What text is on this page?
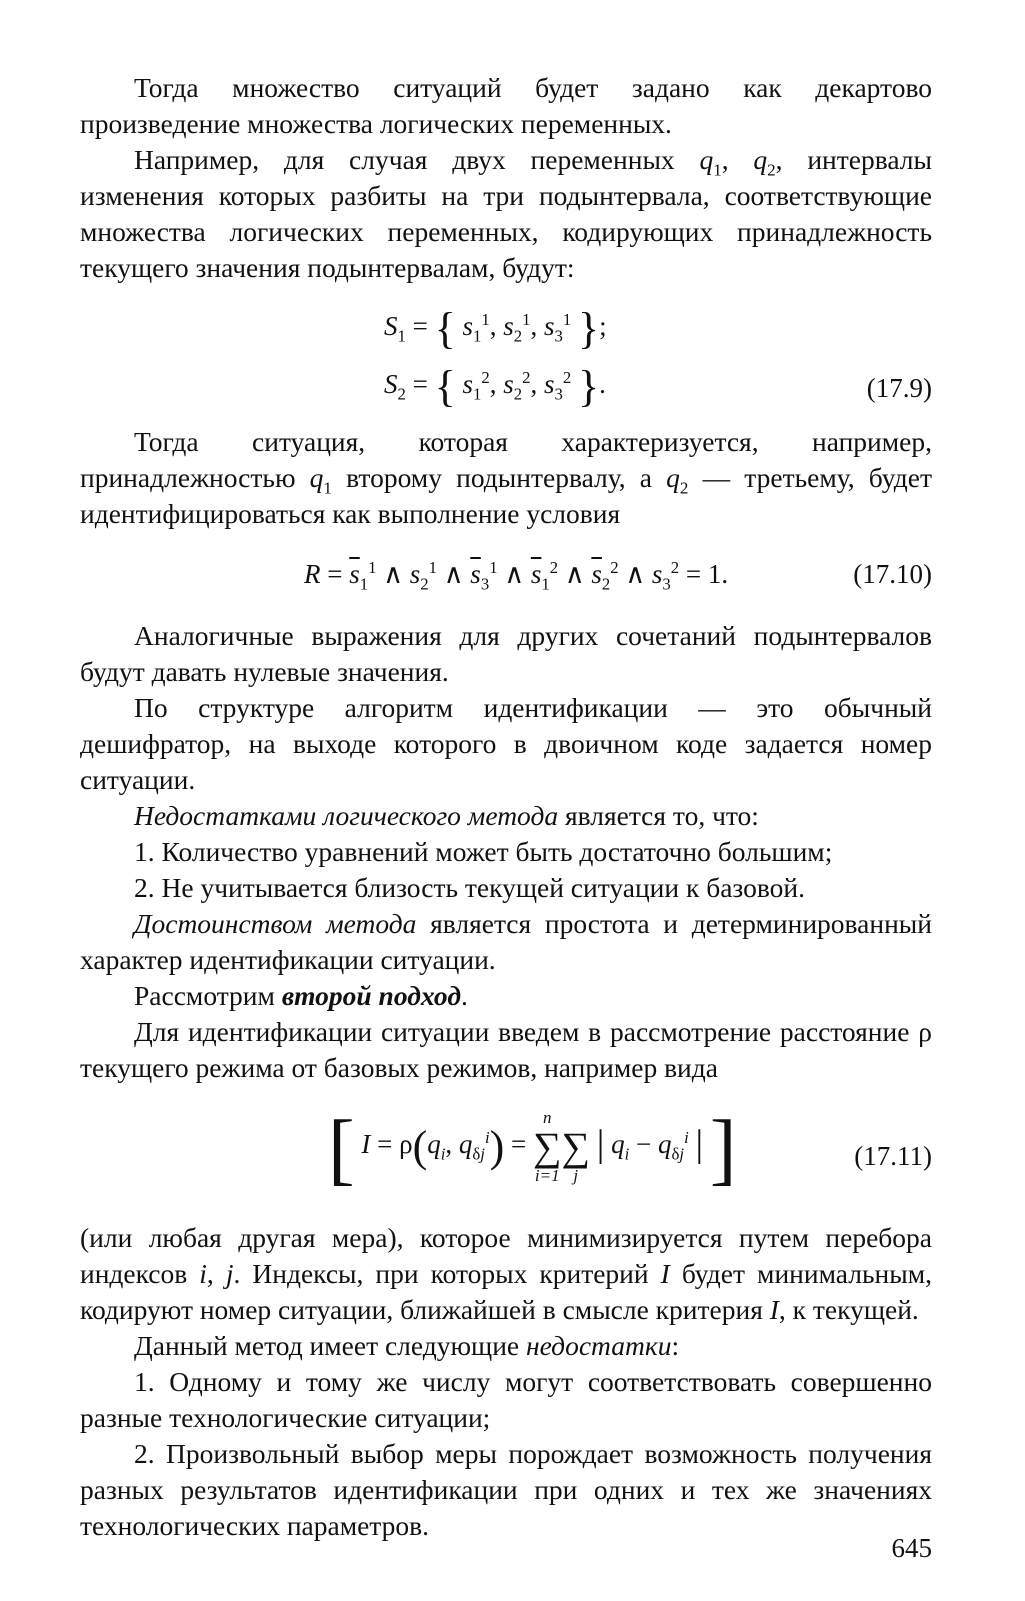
Тогда множество ситуаций будет задано как декартово произведение множества логических переменных.

Например, для случая двух переменных $q_1$, $q_2$, интервалы изменения которых разбиты на три подынтервала, соответствующие множества логических переменных, кодирующих принадлежность текущего значения подынтервалам, будут:

$S_1$ = { $s_1^1$, $s_2^1$, $s_3^1$ };
$S_2$ = { $s_1^2$, $s_2^2$, $s_3^2$ }.	(17.9)

Тогда ситуация, которая характеризуется, например, принадлежностью $q_1$ второму подынтервалу, а $q_2$ — третьему, будет идентифицироваться как выполнение условия

$R = \overline{s}_1^1$ ∧ $s_2^1$ ∧ $\overline{s}_3^1$ ∧ $\overline{s}_1^2$ ∧ $\overline{s}_2^2$ ∧ $s_3^2 = 1$.	(17.10)

Аналогичные выражения для других сочетаний подынтервалов будут давать нулевые значения.

По структуре алгоритм идентификации — это обычный дешифратор, на выходе которого в двоичном коде задается номер ситуации.

Недостатками логического метода является то, что:

1. Количество уравнений может быть достаточно большим;

2. Не учитывается близость текущей ситуации к базовой.

Достоинством метода является простота и детерминированный характер идентификации ситуации.

Рассмотрим второй подход.

Для идентификации ситуации введем в рассмотрение расстояние ρ текущего режима от базовых режимов, например вида

[ $I = \rho(q_i$, $q_{\delta j}^i$) =
n
∑
i=1

∑
j
| $q_i - q_{\delta j}^i$ | ]	(17.11)

(или любая другая мера), которое минимизируется путем перебора индексов i, j. Индексы, при которых критерий I будет минимальным, кодируют номер ситуации, ближайшей в смысле критерия I, к текущей.

Данный метод имеет следующие недостатки:

1. Одному и тому же числу могут соответствовать совершенно разные технологические ситуации;

2. Произвольный выбор меры порождает возможность получения разных результатов идентификации при одних и тех же значениях технологических параметров.

645
